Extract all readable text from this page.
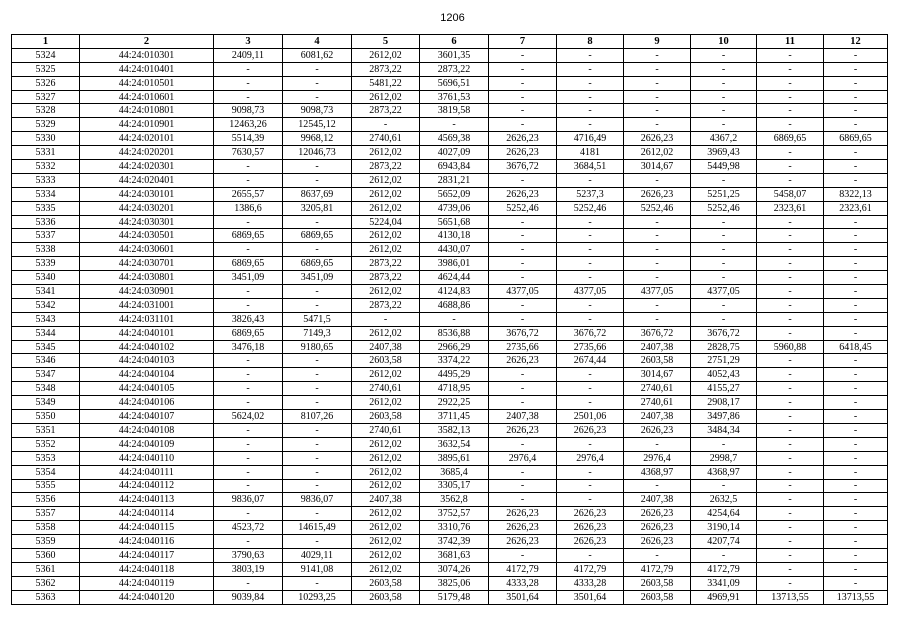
1206
1	2	3	4	5	6	7	8	9	10	11	12
5324	44:24:010301	2409,11	6081,62	2612,02	3601,35	-	-	-	-	-	-
5325	44:24:010401	-	-	2873,22	2873,22	-	-	-	-	-	-
5326	44:24:010501	-	-	5481,22	5696,51	-	-	-	-	-	-
5327	44:24:010601	-	-	2612,02	3761,53	-	-	-	-	-	-
5328	44:24:010801	9098,73	9098,73	2873,22	3819,58	-	-	-	-	-	-
5329	44:24:010901	12463,26	12545,12	-	-	-	-	-	-	-	-
5330	44:24:020101	5514,39	9968,12	2740,61	4569,38	2626,23	4716,49	2626,23	4367,2	6869,65	6869,65
5331	44:24:020201	7630,57	12046,73	2612,02	4027,09	2626,23	4181	2612,02	3969,43	-	-
5332	44:24:020301	-	-	2873,22	6943,84	3676,72	3684,51	3014,67	5449,98	-	-
5333	44:24:020401	-	-	2612,02	2831,21	-	-	-	-	-	-
5334	44:24:030101	2655,57	8637,69	2612,02	5652,09	2626,23	5237,3	2626,23	5251,25	5458,07	8322,13
5335	44:24:030201	1386,6	3205,81	2612,02	4739,06	5252,46	5252,46	5252,46	5252,46	2323,61	2323,61
5336	44:24:030301	-	-	5224,04	5651,68	-	-	-	-	-	-
5337	44:24:030501	6869,65	6869,65	2612,02	4130,18	-	-	-	-	-	-
5338	44:24:030601	-	-	2612,02	4430,07	-	-	-	-	-	-
5339	44:24:030701	6869,65	6869,65	2873,22	3986,01	-	-	-	-	-	-
5340	44:24:030801	3451,09	3451,09	2873,22	4624,44	-	-	-	-	-	-
5341	44:24:030901	-	-	2612,02	4124,83	4377,05	4377,05	4377,05	4377,05	-	-
5342	44:24:031001	-	-	2873,22	4688,86	-	-	-	-	-	-
5343	44:24:031101	3826,43	5471,5	-	-	-	-	-	-	-	-
5344	44:24:040101	6869,65	7149,3	2612,02	8536,88	3676,72	3676,72	3676,72	3676,72	-	-
5345	44:24:040102	3476,18	9180,65	2407,38	2966,29	2735,66	2735,66	2407,38	2828,75	5960,88	6418,45
5346	44:24:040103	-	-	2603,58	3374,22	2626,23	2674,44	2603,58	2751,29	-	-
5347	44:24:040104	-	-	2612,02	4495,29	-	-	3014,67	4052,43	-	-
5348	44:24:040105	-	-	2740,61	4718,95	-	-	2740,61	4155,27	-	-
5349	44:24:040106	-	-	2612,02	2922,25	-	-	2740,61	2908,17	-	-
5350	44:24:040107	5624,02	8107,26	2603,58	3711,45	2407,38	2501,06	2407,38	3497,86	-	-
5351	44:24:040108	-	-	2740,61	3582,13	2626,23	2626,23	2626,23	3484,34	-	-
5352	44:24:040109	-	-	2612,02	3632,54	-	-	-	-	-	-
5353	44:24:040110	-	-	2612,02	3895,61	2976,4	2976,4	2976,4	2998,7	-	-
5354	44:24:040111	-	-	2612,02	3685,4	-	-	4368,97	4368,97	-	-
5355	44:24:040112	-	-	2612,02	3305,17	-	-	-	-	-	-
5356	44:24:040113	9836,07	9836,07	2407,38	3562,8	-	-	2407,38	2632,5	-	-
5357	44:24:040114	-	-	2612,02	3752,57	2626,23	2626,23	2626,23	4254,64	-	-
5358	44:24:040115	4523,72	14615,49	2612,02	3310,76	2626,23	2626,23	2626,23	3190,14	-	-
5359	44:24:040116	-	-	2612,02	3742,39	2626,23	2626,23	2626,23	4207,74	-	-
5360	44:24:040117	3790,63	4029,11	2612,02	3681,63	-	-	-	-	-	-
5361	44:24:040118	3803,19	9141,08	2612,02	3074,26	4172,79	4172,79	4172,79	4172,79	-	-
5362	44:24:040119	-	-	2603,58	3825,06	4333,28	4333,28	2603,58	3341,09	-	-
5363	44:24:040120	9039,84	10293,25	2603,58	5179,48	3501,64	3501,64	2603,58	4969,91	13713,55	13713,55
